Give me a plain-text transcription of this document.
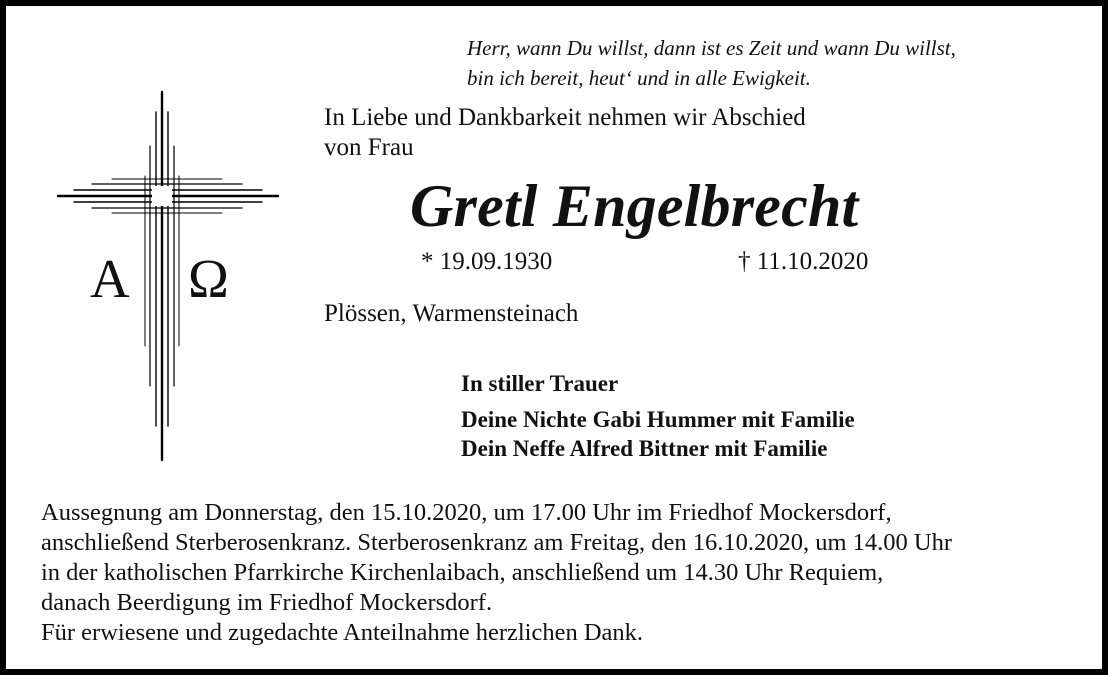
Α Ω
Herr, wann Du willst, dann ist es Zeit und wann Du willst,
bin ich bereit, heut‘ und in alle Ewigkeit.
In Liebe und Dankbarkeit nehmen wir Abschied
von Frau
Gretl Engelbrecht
* 19.09.1930	† 11.10.2020
Plössen, Warmensteinach
In stiller Trauer
Deine Nichte Gabi Hummer mit Familie
Dein Neffe Alfred Bittner mit Familie
Aussegnung am Donnerstag, den 15.10.2020, um 17.00 Uhr im Friedhof Mockersdorf,
anschließend Sterberosenkranz. Sterberosenkranz am Freitag, den 16.10.2020, um 14.00 Uhr
in der katholischen Pfarrkirche Kirchenlaibach, anschließend um 14.30 Uhr Requiem,
danach Beerdigung im Friedhof Mockersdorf.
Für erwiesene und zugedachte Anteilnahme herzlichen Dank.
